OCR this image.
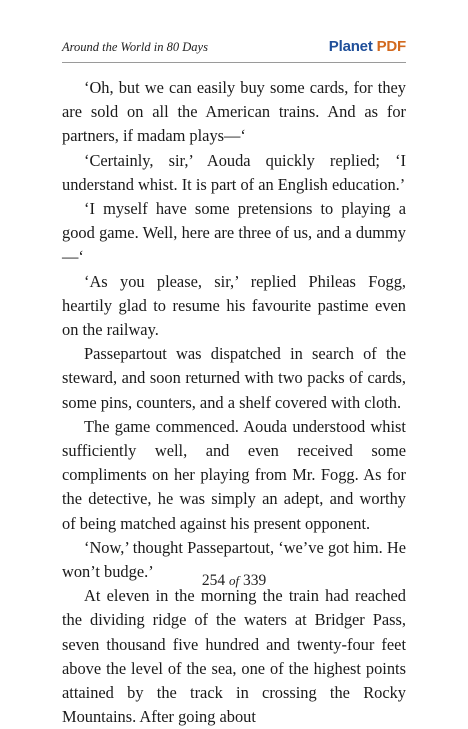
Around the World in 80 Days	Planet PDF

‘Oh, but we can easily buy some cards, for they are sold on all the American trains. And as for partners, if madam plays—‘

‘Certainly, sir,’ Aouda quickly replied; ‘I understand whist. It is part of an English education.’

‘I myself have some pretensions to playing a good game. Well, here are three of us, and a dummy—‘

‘As you please, sir,’ replied Phileas Fogg, heartily glad to resume his favourite pastime even on the railway.

Passepartout was dispatched in search of the steward, and soon returned with two packs of cards, some pins, counters, and a shelf covered with cloth.

The game commenced. Aouda understood whist sufficiently well, and even received some compliments on her playing from Mr. Fogg. As for the detective, he was simply an adept, and worthy of being matched against his present opponent.

‘Now,’ thought Passepartout, ‘we’ve got him. He won’t budge.’

At eleven in the morning the train had reached the dividing ridge of the waters at Bridger Pass, seven thousand five hundred and twenty-four feet above the level of the sea, one of the highest points attained by the track in crossing the Rocky Mountains. After going about

254 of 339
